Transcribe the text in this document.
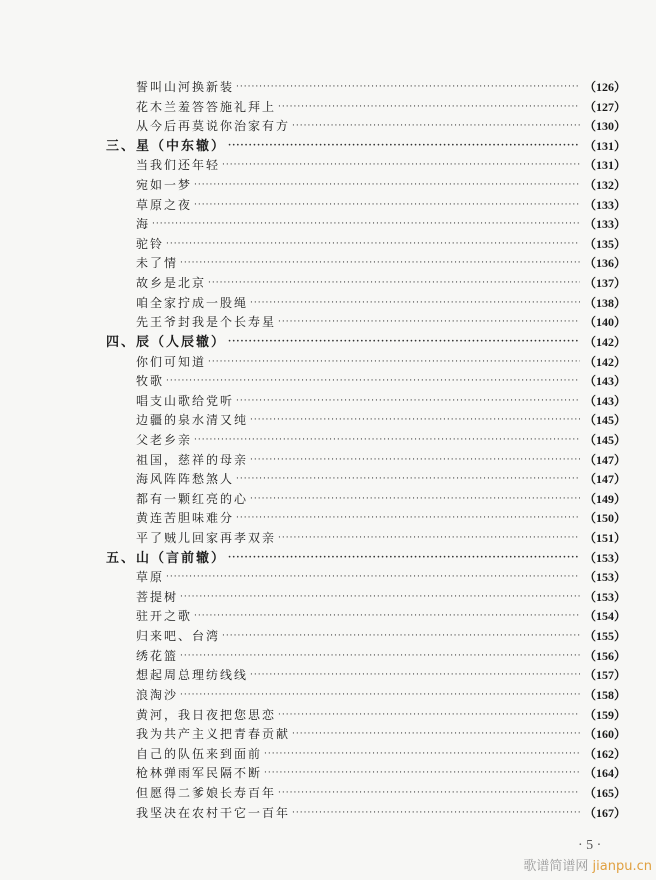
誓叫山河换新装 ·····	（126）
花木兰羞答答施礼拜上 ·····	（127）
从今后再莫说你治家有方 ·····	（130）
三、星（中东辙） ·····	（131）
当我们还年轻 ·····	（131）
宛如一梦 ·····	（132）
草原之夜 ·····	（133）
海 ·····	（133）
驼铃 ·····	（135）
未了情 ·····	（136）
故乡是北京 ·····	（137）
咱全家拧成一股绳 ·····	（138）
先王爷封我是个长寿星 ·····	（140）
四、辰（人辰辙） ·····	（142）
你们可知道 ·····	（142）
牧歌 ·····	（143）
唱支山歌给党听 ·····	（143）
边疆的泉水清又纯 ·····	（145）
父老乡亲 ·····	（145）
祖国，慈祥的母亲 ·····	（147）
海风阵阵愁煞人 ·····	（147）
都有一颗红亮的心 ·····	（149）
黄连苦胆味难分 ·····	（150）
平了贼儿回家再孝双亲 ·····	（151）
五、山（言前辙） ·····	（153）
草原 ·····	（153）
菩提树 ·····	（153）
驻开之歌 ·····	（154）
归来吧、台湾 ·····	（155）
绣花篮 ·····	（156）
想起周总理纺线线 ·····	（157）
浪淘沙 ·····	（158）
黄河，我日夜把您思恋 ·····	（159）
我为共产主义把青春贡献 ·····	（160）
自己的队伍来到面前 ·····	（162）
枪林弹雨军民隔不断 ·····	（164）
但愿得二爹娘长寿百年 ·····	（165）
我坚决在农村干它一百年 ·····	（167）
· 5 ·
歌谱简谱网 jianpu.cn
